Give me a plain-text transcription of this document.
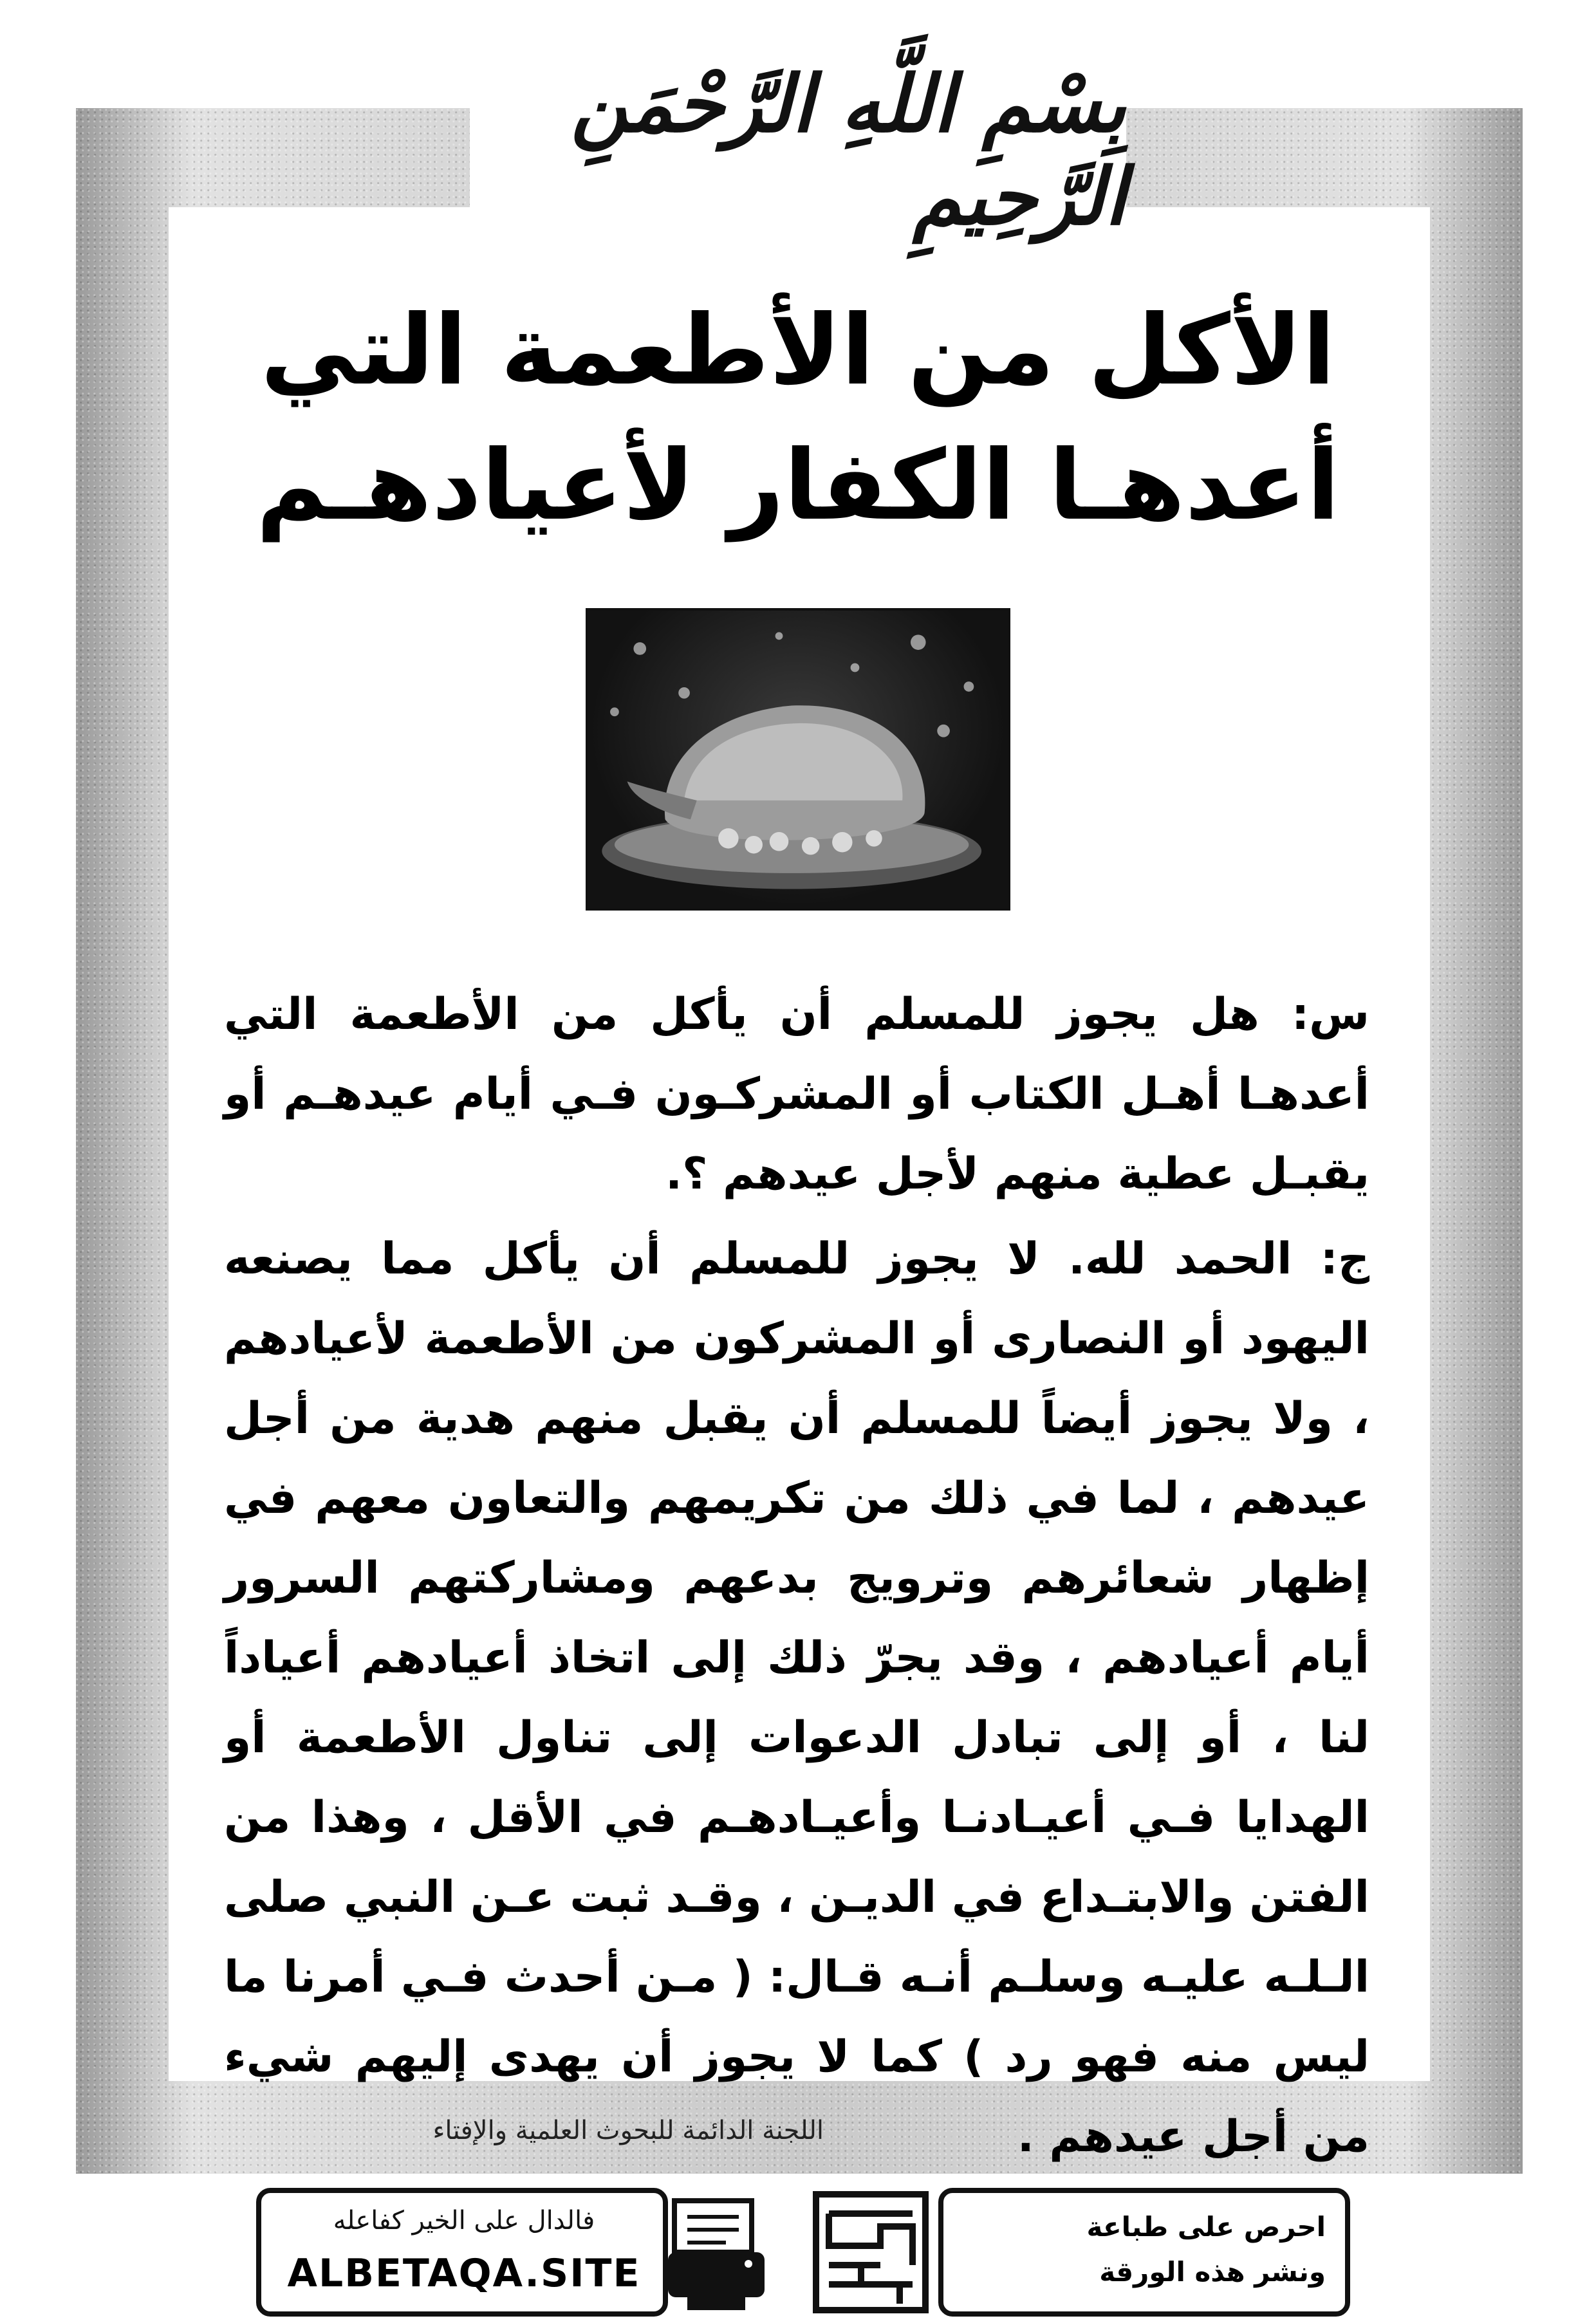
بِسْمِ اللَّهِ الرَّحْمَنِ الرَّحِيمِ
الأكل من الأطعمة التي
أعدهـا الكفار لأعيادهـم

س: هل يجوز للمسلم أن يأكل من الأطعمة التي أعدهـا أهـل الكتاب أو المشركـون فـي أيام عيدهـم أو يقبـل عطية منهم لأجل عيدهم ؟.

ج: الحمد لله. لا يجوز للمسلم أن يأكل مما يصنعه اليهود أو النصارى أو المشركون من الأطعمة لأعيادهم ، ولا يجوز أيضاً للمسلم أن يقبل منهم هدية من أجل عيدهم ، لما في ذلك من تكريمهم والتعاون معهم في إظهار شعائرهم وترويج بدعهم ومشاركتهم السرور أيام أعيادهم ، وقد يجرّ ذلك إلى اتخاذ أعيادهم أعياداً لنا ، أو إلى تبادل الدعوات إلى تناول الأطعمة أو الهدايا فـي أعيـادنـا وأعيـادهـم في الأقل ، وهذا من الفتن والابتـداع في الديـن ، وقـد ثبت عـن النبي صلى الـلـه عليـه وسلـم أنـه قـال: ( مـن أحدث فـي أمرنا ما ليس منه فهو رد ) كما لا يجوز أن يهدى إليهم شيء من أجل عيدهم .

اللجنة الدائمة للبحوث العلمية والإفتاء
فالدال على الخير كفاعله
ALBETAQA.SITE
احرص على طباعة
ونشر هذه الورقة
